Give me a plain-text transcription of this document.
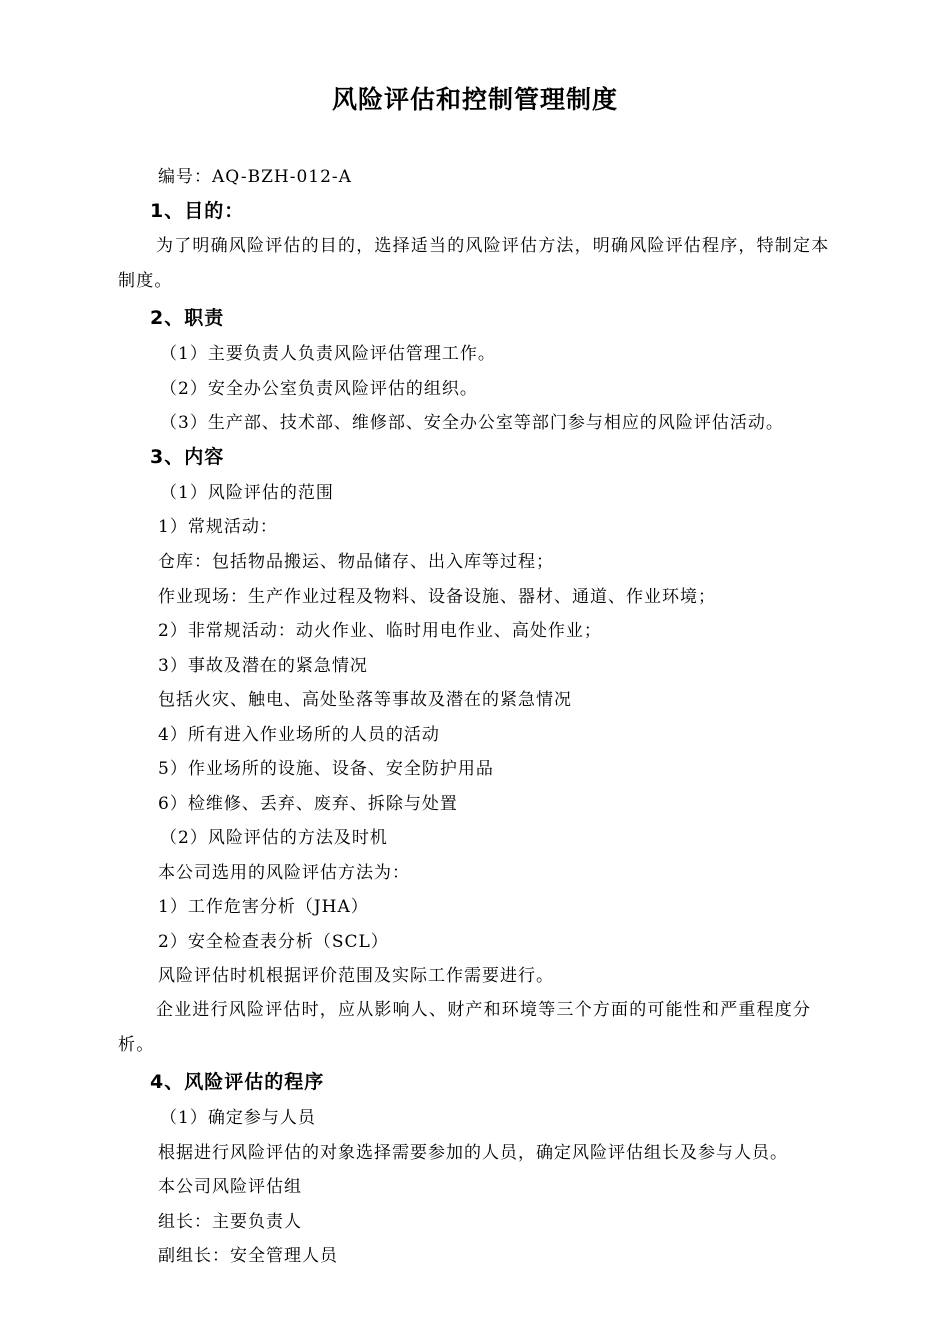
风险评估和控制管理制度
编号：AQ-BZH-012-A
1、目的：
为了明确风险评估的目的，选择适当的风险评估方法，明确风险评估程序，特制定本制度。
2、职责
（1）主要负责人负责风险评估管理工作。
（2）安全办公室负责风险评估的组织。
（3）生产部、技术部、维修部、安全办公室等部门参与相应的风险评估活动。
3、内容
（1）风险评估的范围
1）常规活动：
仓库：包括物品搬运、物品储存、出入库等过程；
作业现场：生产作业过程及物料、设备设施、器材、通道、作业环境；
2）非常规活动：动火作业、临时用电作业、高处作业；
3）事故及潜在的紧急情况
包括火灾、触电、高处坠落等事故及潜在的紧急情况
4）所有进入作业场所的人员的活动
5）作业场所的设施、设备、安全防护用品
6）检维修、丢弃、废弃、拆除与处置
（2）风险评估的方法及时机
本公司选用的风险评估方法为：
1）工作危害分析（JHA）
2）安全检查表分析（SCL）
风险评估时机根据评价范围及实际工作需要进行。
企业进行风险评估时，应从影响人、财产和环境等三个方面的可能性和严重程度分析。
4、风险评估的程序
（1）确定参与人员
根据进行风险评估的对象选择需要参加的人员，确定风险评估组长及参与人员。
本公司风险评估组
组长：主要负责人
副组长：安全管理人员
